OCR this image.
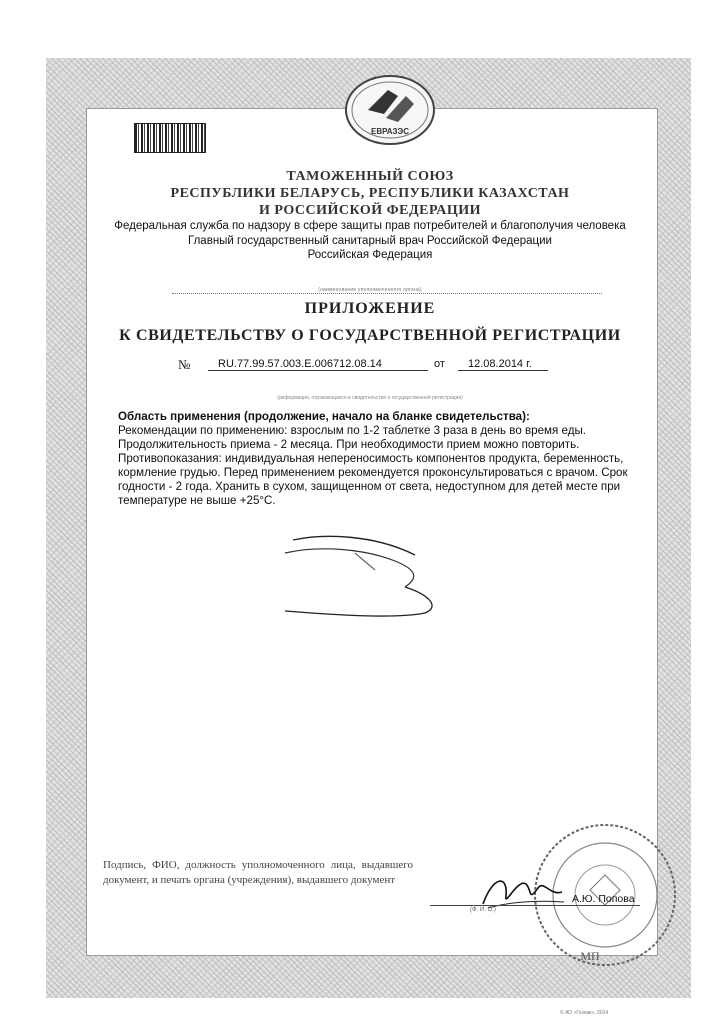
ЕВРАЗЭС
ТАМОЖЕННЫЙ СОЮЗ
РЕСПУБЛИКИ БЕЛАРУСЬ, РЕСПУБЛИКИ КАЗАХСТАН
И РОССИЙСКОЙ ФЕДЕРАЦИИ
Федеральная служба по надзору в сфере защиты прав потребителей и благополучия человека
Главный государственный санитарный врач Российской Федерации
Российская Федерация
(наименование уполномоченного органа)
ПРИЛОЖЕНИЕ
К СВИДЕТЕЛЬСТВУ О ГОСУДАРСТВЕННОЙ РЕГИСТРАЦИИ
№	RU.77.99.57.003.E.006712.08.14	от	12.08.2014 г.
(информация, отражающаяся в свидетельстве о государственной регистрации)
Область применения (продолжение, начало на бланке свидетельства):
Рекомендации по применению: взрослым по 1-2 таблетке 3 раза в день во время еды. Продолжительность приема - 2 месяца. При необходимости прием можно повторить. Противопоказания: индивидуальная непереносимость компонентов продукта, беременность, кормление грудью. Перед применением рекомендуется проконсультироваться с врачом. Срок годности - 2 года. Хранить в сухом, защищенном от света, недоступном для детей месте при температуре не выше +25°С.
Подпись, ФИО, должность уполномоченного лица, выдавшего документ, и печать органа (учреждения), выдавшего документ
МП
А.Ю. Попова
(Ф. И. О.)
© АО «Гознак», 2014
